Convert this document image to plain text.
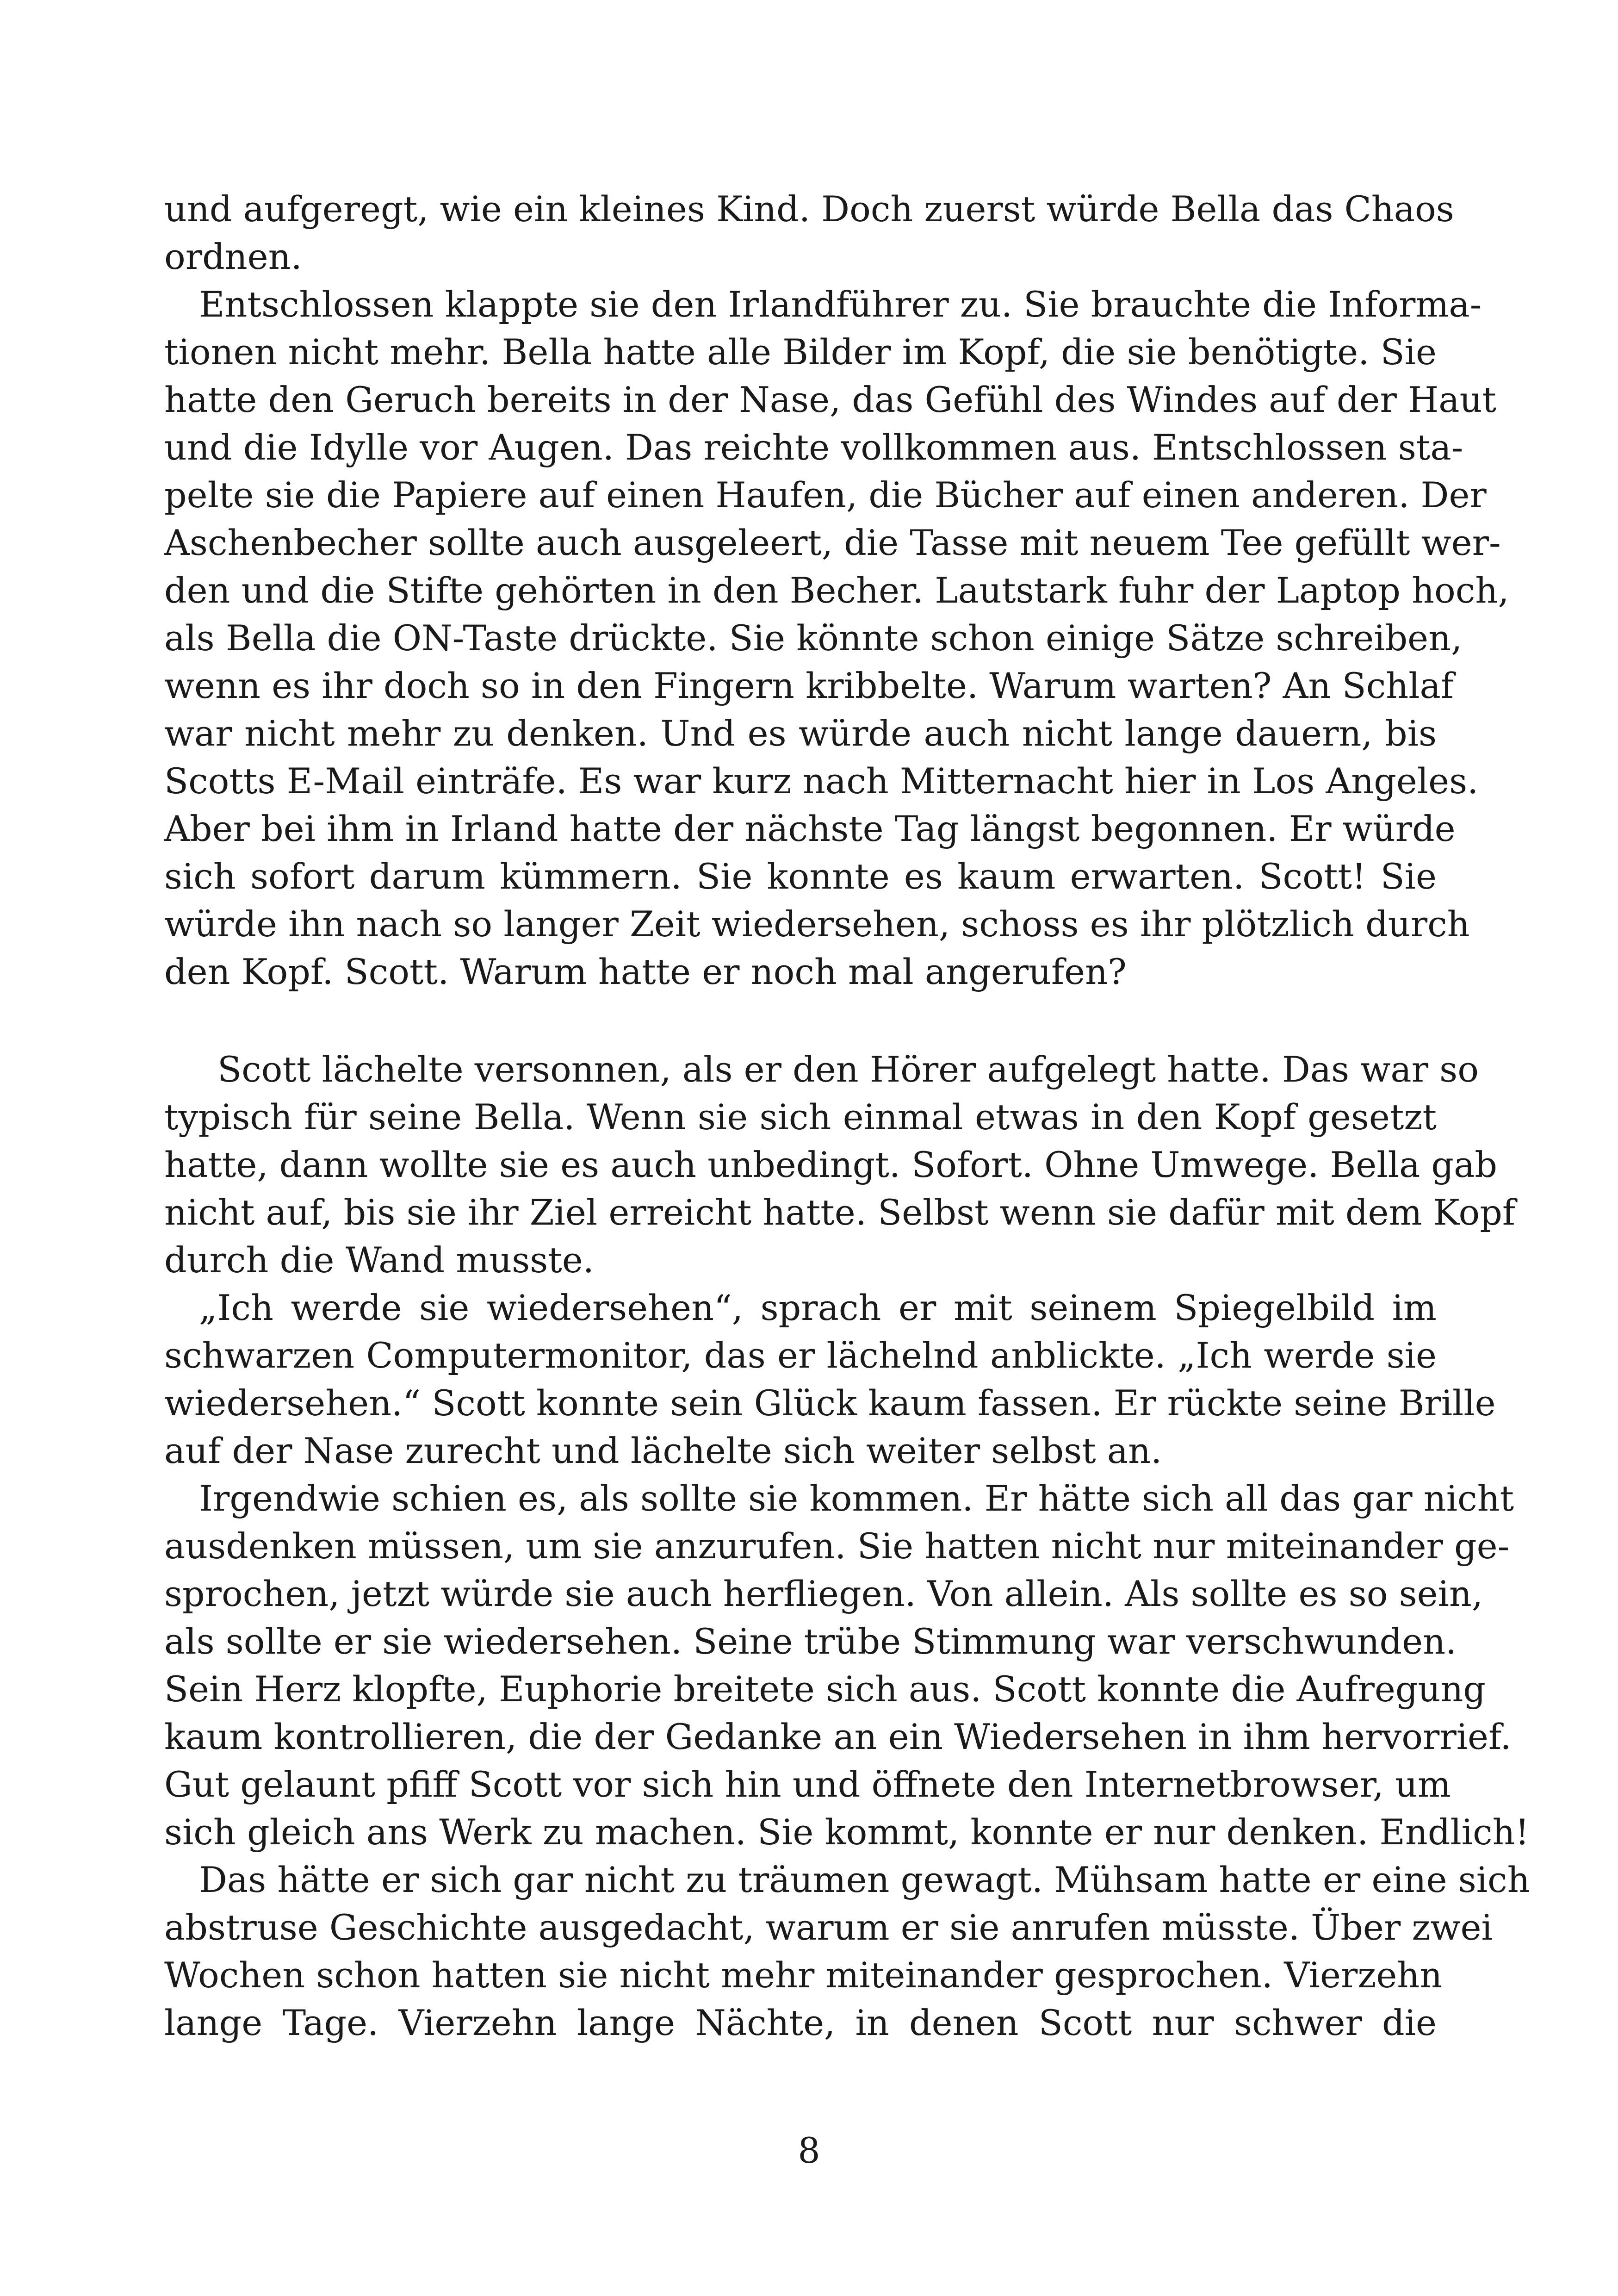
und aufgeregt, wie ein kleines Kind. Doch zuerst würde Bella das Chaos
ordnen.
Entschlossen klappte sie den Irlandführer zu. Sie brauchte die Informa-
tionen nicht mehr. Bella hatte alle Bilder im Kopf, die sie benötigte. Sie
hatte den Geruch bereits in der Nase, das Gefühl des Windes auf der Haut
und die Idylle vor Augen. Das reichte vollkommen aus. Entschlossen sta-
pelte sie die Papiere auf einen Haufen, die Bücher auf einen anderen. Der
Aschenbecher sollte auch ausgeleert, die Tasse mit neuem Tee gefüllt wer-
den und die Stifte gehörten in den Becher. Lautstark fuhr der Laptop hoch,
als Bella die ON-Taste drückte. Sie könnte schon einige Sätze schreiben,
wenn es ihr doch so in den Fingern kribbelte. Warum warten? An Schlaf
war nicht mehr zu denken. Und es würde auch nicht lange dauern, bis
Scotts E-Mail einträfe. Es war kurz nach Mitternacht hier in Los Angeles.
Aber bei ihm in Irland hatte der nächste Tag längst begonnen. Er würde
sich sofort darum kümmern. Sie konnte es kaum erwarten. Scott! Sie
würde ihn nach so langer Zeit wiedersehen, schoss es ihr plötzlich durch
den Kopf. Scott. Warum hatte er noch mal angerufen?
Scott lächelte versonnen, als er den Hörer aufgelegt hatte. Das war so
typisch für seine Bella. Wenn sie sich einmal etwas in den Kopf gesetzt
hatte, dann wollte sie es auch unbedingt. Sofort. Ohne Umwege. Bella gab
nicht auf, bis sie ihr Ziel erreicht hatte. Selbst wenn sie dafür mit dem Kopf
durch die Wand musste.
„Ich werde sie wiedersehen“, sprach er mit seinem Spiegelbild im
schwarzen Computermonitor, das er lächelnd anblickte. „Ich werde sie
wiedersehen.“ Scott konnte sein Glück kaum fassen. Er rückte seine Brille
auf der Nase zurecht und lächelte sich weiter selbst an.
Irgendwie schien es, als sollte sie kommen. Er hätte sich all das gar nicht
ausdenken müssen, um sie anzurufen. Sie hatten nicht nur miteinander ge-
sprochen, jetzt würde sie auch herfliegen. Von allein. Als sollte es so sein,
als sollte er sie wiedersehen. Seine trübe Stimmung war verschwunden.
Sein Herz klopfte, Euphorie breitete sich aus. Scott konnte die Aufregung
kaum kontrollieren, die der Gedanke an ein Wiedersehen in ihm hervorrief.
Gut gelaunt pfiff Scott vor sich hin und öffnete den Internetbrowser, um
sich gleich ans Werk zu machen. Sie kommt, konnte er nur denken. Endlich!
Das hätte er sich gar nicht zu träumen gewagt. Mühsam hatte er eine sich
abstruse Geschichte ausgedacht, warum er sie anrufen müsste. Über zwei
Wochen schon hatten sie nicht mehr miteinander gesprochen. Vierzehn
lange Tage. Vierzehn lange Nächte, in denen Scott nur schwer die
8
